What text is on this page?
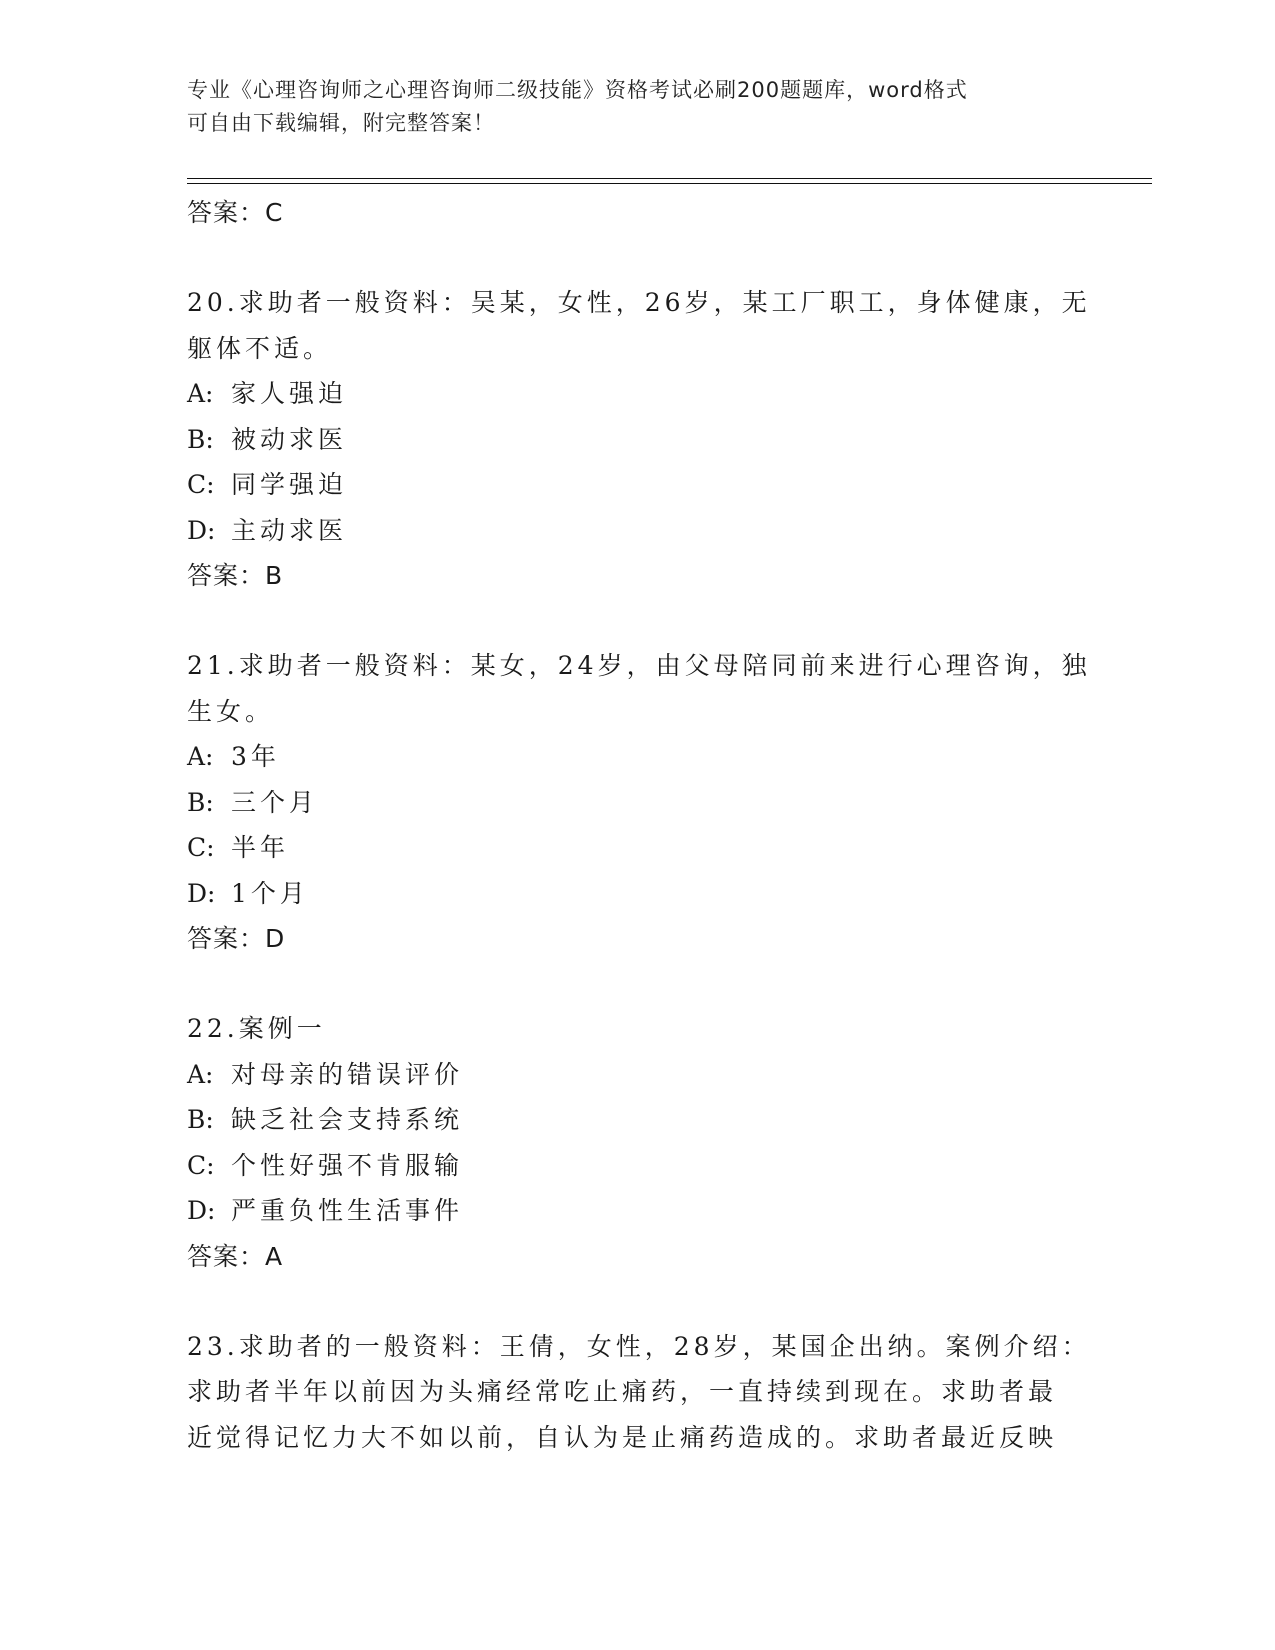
专业《心理咨询师之心理咨询师二级技能》资格考试必刷200题题库，word格式
可自由下载编辑，附完整答案！
答案：C
20.求助者一般资料：吴某，女性，26岁，某工厂职工，身体健康，无
躯体不适。
A: 家人强迫
B: 被动求医
C: 同学强迫
D: 主动求医
答案：B
21.求助者一般资料：某女，24岁，由父母陪同前来进行心理咨询，独
生女。
A: 3年
B: 三个月
C: 半年
D: 1个月
答案：D
22.案例一
A: 对母亲的错误评价
B: 缺乏社会支持系统
C: 个性好强不肯服输
D: 严重负性生活事件
答案：A
23.求助者的一般资料：王倩，女性，28岁，某国企出纳。案例介绍：
求助者半年以前因为头痛经常吃止痛药，一直持续到现在。求助者最
近觉得记忆力大不如以前，自认为是止痛药造成的。求助者最近反映
